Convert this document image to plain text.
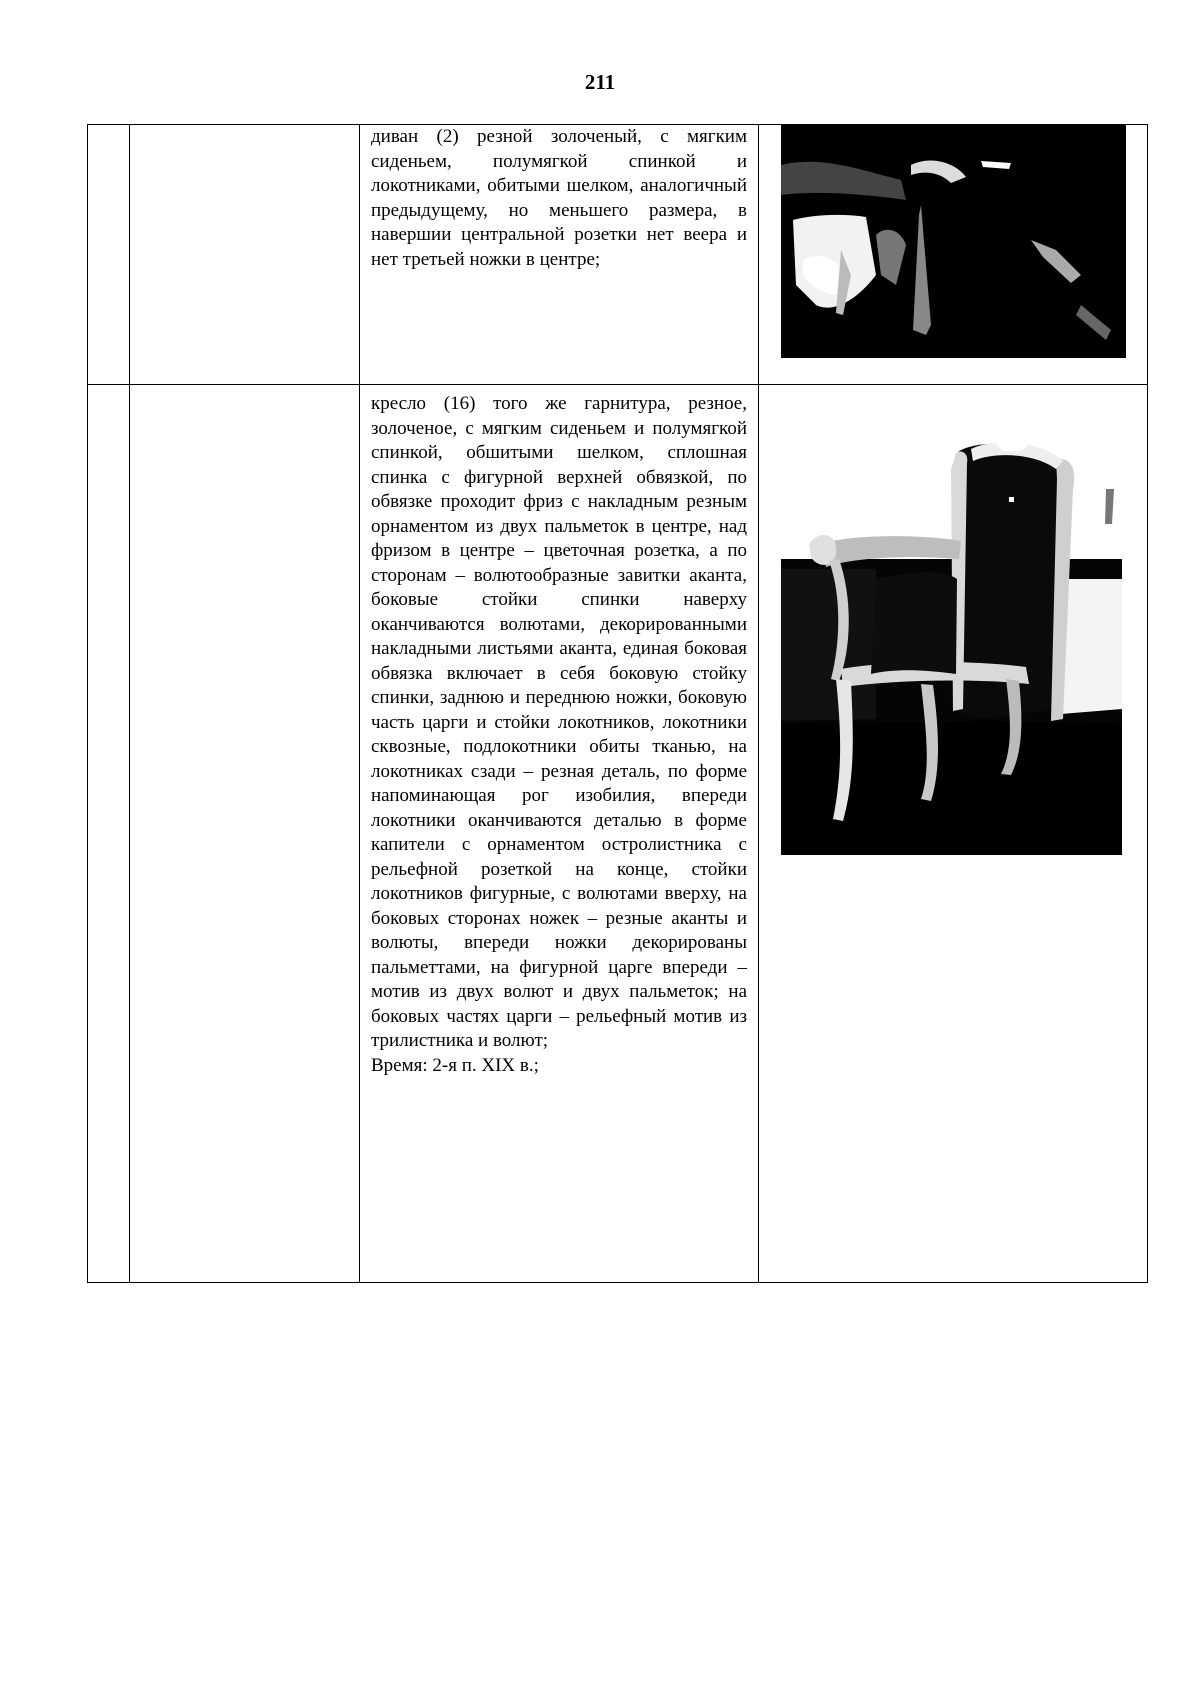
211

		диван (2) резной золоченый, с мягким сиденьем, полумягкой спинкой и локотниками, обитыми шелком, аналогичный предыдущему, но меньшего размера, в навершии центральной розетки нет веера и нет третьей ножки в центре;

		кресло (16) того же гарнитура, резное, золоченое, с мягким сиденьем и полумягкой спинкой, обшитыми шелком, сплошная спинка с фигурной верхней обвязкой, по обвязке проходит фриз с накладным резным орнаментом из двух пальметок в центре, над фризом в центре – цветочная розетка, а по сторонам – волютообразные завитки аканта, боковые стойки спинки наверху оканчиваются волютами, декорированными накладными листьями аканта, единая боковая обвязка включает в себя боковую стойку спинки, заднюю и переднюю ножки, боковую часть царги и стойки локотников, локотники сквозные, подлокотники обиты тканью, на локотниках сзади – резная деталь, по форме напоминающая рог изобилия, впереди локотники оканчиваются деталью в форме капители с орнаментом остролистника с рельефной розеткой на конце, стойки локотников фигурные, с волютами вверху, на боковых сторонах ножек – резные аканты и волюты, впереди ножки декорированы пальметтами, на фигурной царге впереди – мотив из двух волют и двух пальметок; на боковых частях царги – рельефный мотив из трилистника и волют;

Время: 2-я п. XIX в.;
